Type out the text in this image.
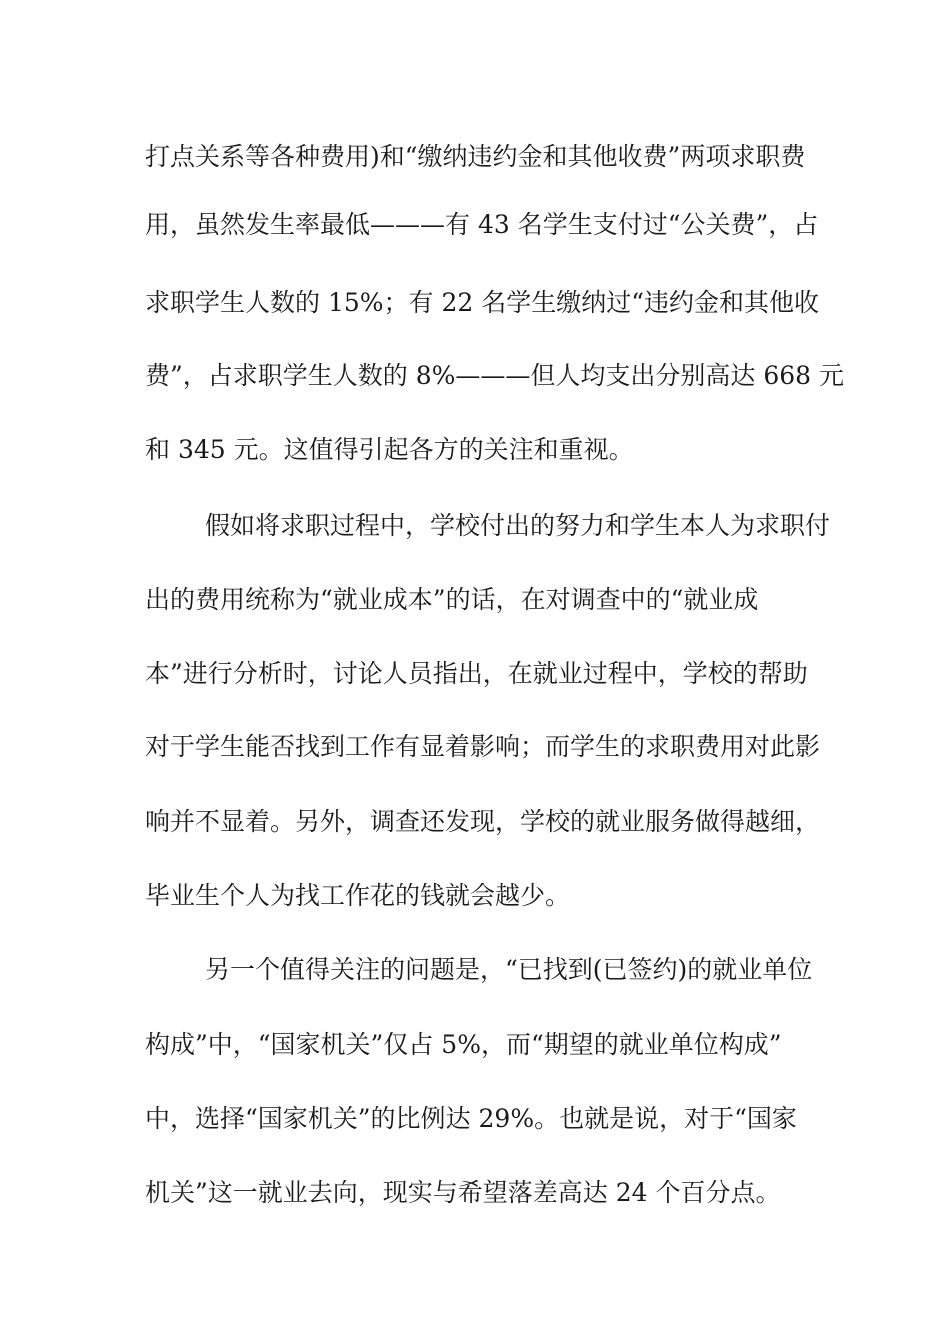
打点关系等各种费用)和“缴纳违约金和其他收费”两项求职费
用，虽然发生率最低———有 43 名学生支付过“公关费”，占
求职学生人数的 15%；有 22 名学生缴纳过“违约金和其他收
费”，占求职学生人数的 8%———但人均支出分别高达 668 元
和 345 元。这值得引起各方的关注和重视。
假如将求职过程中，学校付出的努力和学生本人为求职付
出的费用统称为“就业成本”的话，在对调查中的“就业成
本”进行分析时，讨论人员指出，在就业过程中，学校的帮助
对于学生能否找到工作有显着影响；而学生的求职费用对此影
响并不显着。另外，调查还发现，学校的就业服务做得越细，
毕业生个人为找工作花的钱就会越少。
另一个值得关注的问题是，“已找到(已签约)的就业单位
构成”中，“国家机关”仅占 5%，而“期望的就业单位构成”
中，选择“国家机关”的比例达 29%。也就是说，对于“国家
机关”这一就业去向，现实与希望落差高达 24 个百分点。
